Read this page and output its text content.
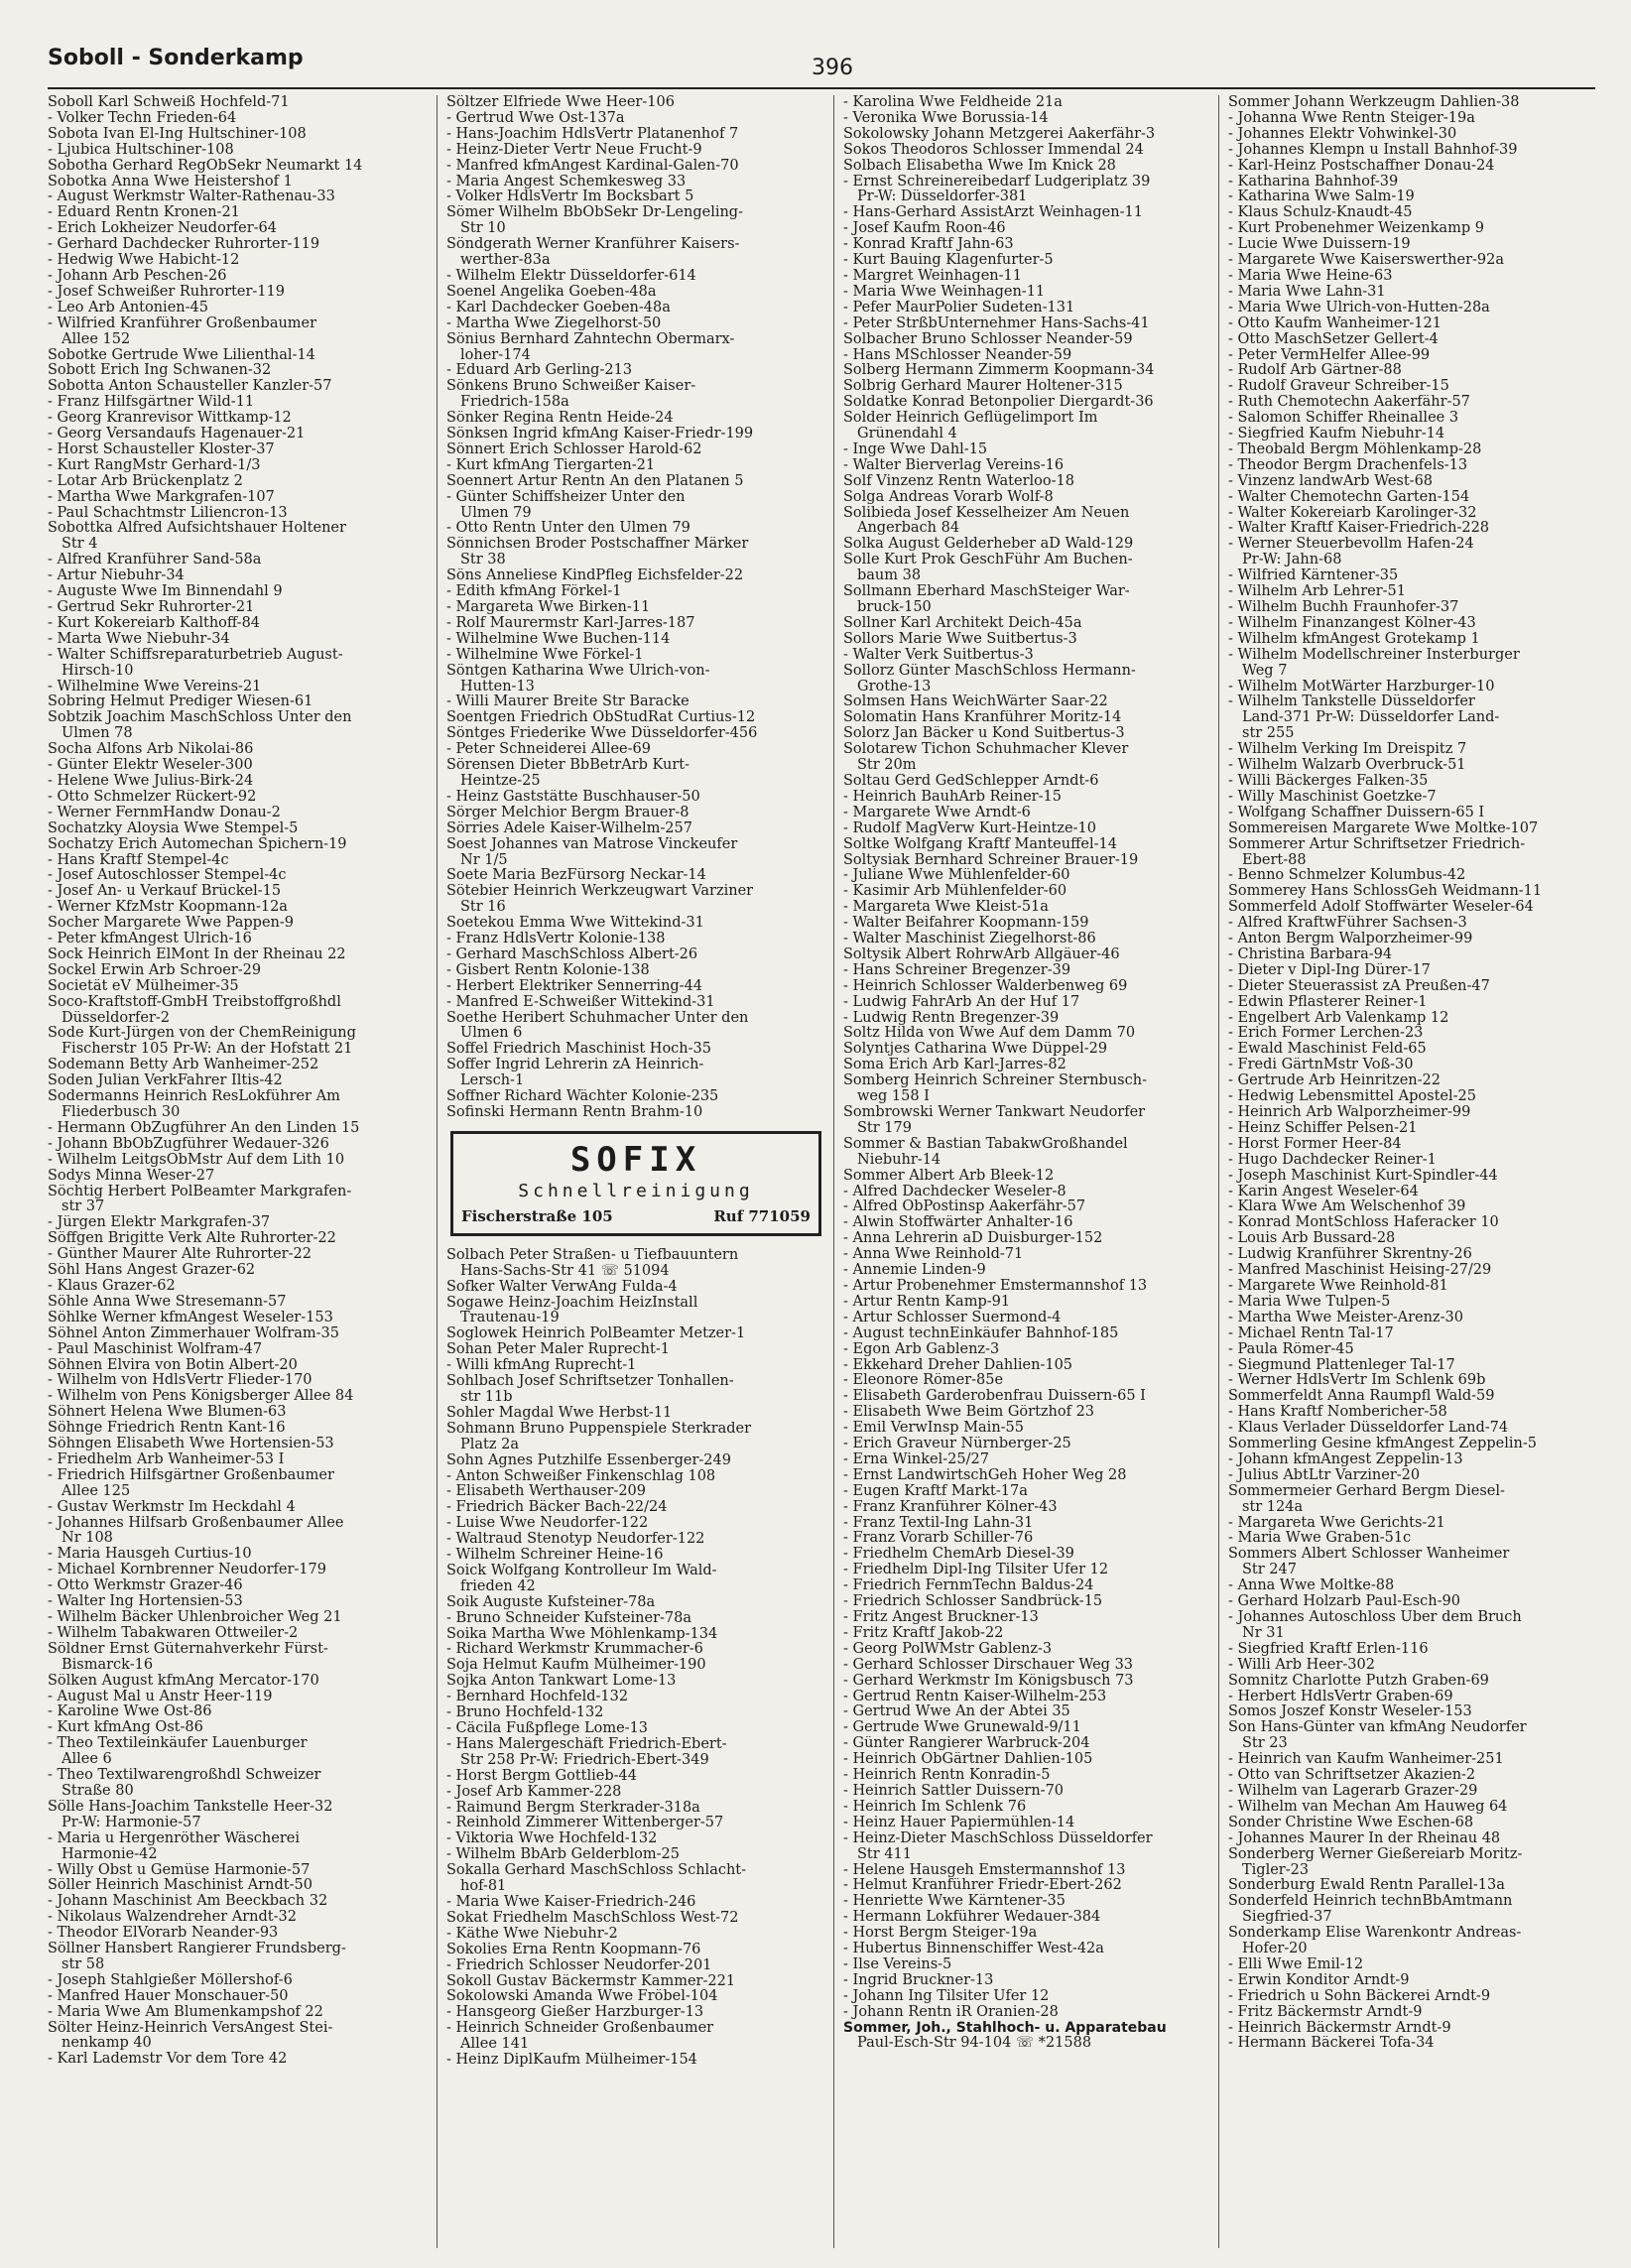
Soboll - Sonderkamp	396
Soboll Karl Schweiß Hochfeld-71
- Volker Techn Frieden-64
Sobota Ivan El-Ing Hultschiner-108
- Ljubica Hultschiner-108
Sobotha Gerhard RegObSekr Neumarkt 14
Sobotka Anna Wwe Heistershof 1
- August Werkmstr Walter-Rathenau-33
- Eduard Rentn Kronen-21
- Erich Lokheizer Neudorfer-64
- Gerhard Dachdecker Ruhrorter-119
- Hedwig Wwe Habicht-12
- Johann Arb Peschen-26
- Josef Schweißer Ruhrorter-119
- Leo Arb Antonien-45
- Wilfried Kranführer Großenbaumer
Allee 152
Sobotke Gertrude Wwe Lilienthal-14
Sobott Erich Ing Schwanen-32
Sobotta Anton Schausteller Kanzler-57
- Franz Hilfsgärtner Wild-11
- Georg Kranrevisor Wittkamp-12
- Georg Versandaufs Hagenauer-21
- Horst Schausteller Kloster-37
- Kurt RangMstr Gerhard-1/3
- Lotar Arb Brückenplatz 2
- Martha Wwe Markgrafen-107
- Paul Schachtmstr Liliencron-13
Sobottka Alfred Aufsichtshauer Holtener
Str 4
- Alfred Kranführer Sand-58a
- Artur Niebuhr-34
- Auguste Wwe Im Binnendahl 9
- Gertrud Sekr Ruhrorter-21
- Kurt Kokereiarb Kalthoff-84
- Marta Wwe Niebuhr-34
- Walter Schiffsreparaturbetrieb August-
Hirsch-10
- Wilhelmine Wwe Vereins-21
Sobring Helmut Prediger Wiesen-61
Sobtzik Joachim MaschSchloss Unter den
Ulmen 78
Socha Alfons Arb Nikolai-86
- Günter Elektr Weseler-300
- Helene Wwe Julius-Birk-24
- Otto Schmelzer Rückert-92
- Werner FernmHandw Donau-2
Sochatzky Aloysia Wwe Stempel-5
Sochatzy Erich Automechan Spichern-19
- Hans Kraftf Stempel-4c
- Josef Autoschlosser Stempel-4c
- Josef An- u Verkauf Brückel-15
- Werner KfzMstr Koopmann-12a
Socher Margarete Wwe Pappen-9
- Peter kfmAngest Ulrich-16
Sock Heinrich ElMont In der Rheinau 22
Sockel Erwin Arb Schroer-29
Societät eV Mülheimer-35
Soco-Kraftstoff-GmbH Treibstoffgroßhdl
Düsseldorfer-2
Sode Kurt-Jürgen von der ChemReinigung
Fischerstr 105 Pr-W: An der Hofstatt 21
Sodemann Betty Arb Wanheimer-252
Soden Julian VerkFahrer Iltis-42
Sodermanns Heinrich ResLokführer Am
Fliederbusch 30
- Hermann ObZugführer An den Linden 15
- Johann BbObZugführer Wedauer-326
- Wilhelm LeitgsObMstr Auf dem Lith 10
Sodys Minna Weser-27
Söchtig Herbert PolBeamter Markgrafen-
str 37
- Jürgen Elektr Markgrafen-37
Söffgen Brigitte Verk Alte Ruhrorter-22
- Günther Maurer Alte Ruhrorter-22
Söhl Hans Angest Grazer-62
- Klaus Grazer-62
Söhle Anna Wwe Stresemann-57
Söhlke Werner kfmAngest Weseler-153
Söhnel Anton Zimmerhauer Wolfram-35
- Paul Maschinist Wolfram-47
Söhnen Elvira von Botin Albert-20
- Wilhelm von HdlsVertr Flieder-170
- Wilhelm von Pens Königsberger Allee 84
Söhnert Helena Wwe Blumen-63
Söhnge Friedrich Rentn Kant-16
Söhngen Elisabeth Wwe Hortensien-53
- Friedhelm Arb Wanheimer-53 I
- Friedrich Hilfsgärtner Großenbaumer
Allee 125
- Gustav Werkmstr Im Heckdahl 4
- Johannes Hilfsarb Großenbaumer Allee
Nr 108
- Maria Hausgeh Curtius-10
- Michael Kornbrenner Neudorfer-179
- Otto Werkmstr Grazer-46
- Walter Ing Hortensien-53
- Wilhelm Bäcker Uhlenbroicher Weg 21
- Wilhelm Tabakwaren Ottweiler-2
Söldner Ernst Güternahverkehr Fürst-
Bismarck-16
Sölken August kfmAng Mercator-170
- August Mal u Anstr Heer-119
- Karoline Wwe Ost-86
- Kurt kfmAng Ost-86
- Theo Textileinkäufer Lauenburger
Allee 6
- Theo Textilwarengroßhdl Schweizer
Straße 80
Sölle Hans-Joachim Tankstelle Heer-32
Pr-W: Harmonie-57
- Maria u Hergenröther Wäscherei
Harmonie-42
- Willy Obst u Gemüse Harmonie-57
Söller Heinrich Maschinist Arndt-50
- Johann Maschinist Am Beeckbach 32
- Nikolaus Walzendreher Arndt-32
- Theodor ElVorarb Neander-93
Söllner Hansbert Rangierer Frundsberg-
str 58
- Joseph Stahlgießer Möllershof-6
- Manfred Hauer Monschauer-50
- Maria Wwe Am Blumenkampshof 22
Sölter Heinz-Heinrich VersAngest Stei-
nenkamp 40
- Karl Lademstr Vor dem Tore 42
Söltzer Elfriede Wwe Heer-106
- Gertrud Wwe Ost-137a
- Hans-Joachim HdlsVertr Platanenhof 7
- Heinz-Dieter Vertr Neue Frucht-9
- Manfred kfmAngest Kardinal-Galen-70
- Maria Angest Schemkesweg 33
- Volker HdlsVertr Im Bocksbart 5
Sömer Wilhelm BbObSekr Dr-Lengeling-
Str 10
Söndgerath Werner Kranführer Kaisers-
werther-83a
- Wilhelm Elektr Düsseldorfer-614
Soenel Angelika Goeben-48a
- Karl Dachdecker Goeben-48a
- Martha Wwe Ziegelhorst-50
Sönius Bernhard Zahntechn Obermarx-
loher-174
- Eduard Arb Gerling-213
Sönkens Bruno Schweißer Kaiser-
Friedrich-158a
Sönker Regina Rentn Heide-24
Sönksen Ingrid kfmAng Kaiser-Friedr-199
Sönnert Erich Schlosser Harold-62
- Kurt kfmAng Tiergarten-21
Soennert Artur Rentn An den Platanen 5
- Günter Schiffsheizer Unter den
Ulmen 79
- Otto Rentn Unter den Ulmen 79
Sönnichsen Broder Postschaffner Märker
Str 38
Söns Anneliese KindPfleg Eichsfelder-22
- Edith kfmAng Förkel-1
- Margareta Wwe Birken-11
- Rolf Maurermstr Karl-Jarres-187
- Wilhelmine Wwe Buchen-114
- Wilhelmine Wwe Förkel-1
Söntgen Katharina Wwe Ulrich-von-
Hutten-13
- Willi Maurer Breite Str Baracke
Soentgen Friedrich ObStudRat Curtius-12
Söntges Friederike Wwe Düsseldorfer-456
- Peter Schneiderei Allee-69
Sörensen Dieter BbBetrArb Kurt-
Heintze-25
- Heinz Gaststätte Buschhauser-50
Sörger Melchior Bergm Brauer-8
Sörries Adele Kaiser-Wilhelm-257
Soest Johannes van Matrose Vinckeufer
Nr 1/5
Soete Maria BezFürsorg Neckar-14
Sötebier Heinrich Werkzeugwart Varziner
Str 16
Soetekou Emma Wwe Wittekind-31
- Franz HdlsVertr Kolonie-138
- Gerhard MaschSchloss Albert-26
- Gisbert Rentn Kolonie-138
- Herbert Elektriker Sennerring-44
- Manfred E-Schweißer Wittekind-31
Soethe Heribert Schuhmacher Unter den
Ulmen 6
Soffel Friedrich Maschinist Hoch-35
Soffer Ingrid Lehrerin zA Heinrich-
Lersch-1
Soffner Richard Wächter Kolonie-235
Sofinski Hermann Rentn Brahm-10
SOFIX
Schnellreinigung
Fischerstraße 105	Ruf 771059
Solbach Peter Straßen- u Tiefbauuntern
Hans-Sachs-Str 41 ☏ 51094
Sofker Walter VerwAng Fulda-4
Sogawe Heinz-Joachim HeizInstall
Trautenau-19
Soglowek Heinrich PolBeamter Metzer-1
Sohan Peter Maler Ruprecht-1
- Willi kfmAng Ruprecht-1
Sohlbach Josef Schriftsetzer Tonhallen-
str 11b
Sohler Magdal Wwe Herbst-11
Sohmann Bruno Puppenspiele Sterkrader
Platz 2a
Sohn Agnes Putzhilfe Essenberger-249
- Anton Schweißer Finkenschlag 108
- Elisabeth Werthauser-209
- Friedrich Bäcker Bach-22/24
- Luise Wwe Neudorfer-122
- Waltraud Stenotyp Neudorfer-122
- Wilhelm Schreiner Heine-16
Soick Wolfgang Kontrolleur Im Wald-
frieden 42
Soik Auguste Kufsteiner-78a
- Bruno Schneider Kufsteiner-78a
Soika Martha Wwe Möhlenkamp-134
- Richard Werkmstr Krummacher-6
Soja Helmut Kaufm Mülheimer-190
Sojka Anton Tankwart Lome-13
- Bernhard Hochfeld-132
- Bruno Hochfeld-132
- Cäcila Fußpflege Lome-13
- Hans Malergeschäft Friedrich-Ebert-
Str 258 Pr-W: Friedrich-Ebert-349
- Horst Bergm Gottlieb-44
- Josef Arb Kammer-228
- Raimund Bergm Sterkrader-318a
- Reinhold Zimmerer Wittenberger-57
- Viktoria Wwe Hochfeld-132
- Wilhelm BbArb Gelderblom-25
Sokalla Gerhard MaschSchloss Schlacht-
hof-81
- Maria Wwe Kaiser-Friedrich-246
Sokat Friedhelm MaschSchloss West-72
- Käthe Wwe Niebuhr-2
Sokolies Erna Rentn Koopmann-76
- Friedrich Schlosser Neudorfer-201
Sokoll Gustav Bäckermstr Kammer-221
Sokolowski Amanda Wwe Fröbel-104
- Hansgeorg Gießer Harzburger-13
- Heinrich Schneider Großenbaumer
Allee 141
- Heinz DiplKaufm Mülheimer-154
- Karolina Wwe Feldheide 21a
- Veronika Wwe Borussia-14
Sokolowsky Johann Metzgerei Aakerfähr-3
Sokos Theodoros Schlosser Immendal 24
Solbach Elisabetha Wwe Im Knick 28
- Ernst Schreinereibedarf Ludgeriplatz 39
Pr-W: Düsseldorfer-381
- Hans-Gerhard AssistArzt Weinhagen-11
- Josef Kaufm Roon-46
- Konrad Kraftf Jahn-63
- Kurt Bauing Klagenfurter-5
- Margret Weinhagen-11
- Maria Wwe Weinhagen-11
- Pefer MaurPolier Sudeten-131
- Peter StrßbUnternehmer Hans-Sachs-41
Solbacher Bruno Schlosser Neander-59
- Hans MSchlosser Neander-59
Solberg Hermann Zimmerm Koopmann-34
Solbrig Gerhard Maurer Holtener-315
Soldatke Konrad Betonpolier Diergardt-36
Solder Heinrich Geflügelimport Im
Grünendahl 4
- Inge Wwe Dahl-15
- Walter Bierverlag Vereins-16
Solf Vinzenz Rentn Waterloo-18
Solga Andreas Vorarb Wolf-8
Solibieda Josef Kesselheizer Am Neuen
Angerbach 84
Solka August Gelderheber aD Wald-129
Solle Kurt Prok GeschFühr Am Buchen-
baum 38
Sollmann Eberhard MaschSteiger War-
bruck-150
Sollner Karl Architekt Deich-45a
Sollors Marie Wwe Suitbertus-3
- Walter Verk Suitbertus-3
Sollorz Günter MaschSchloss Hermann-
Grothe-13
Solmsen Hans WeichWärter Saar-22
Solomatin Hans Kranführer Moritz-14
Solorz Jan Bäcker u Kond Suitbertus-3
Solotarew Tichon Schuhmacher Klever
Str 20m
Soltau Gerd GedSchlepper Arndt-6
- Heinrich BauhArb Reiner-15
- Margarete Wwe Arndt-6
- Rudolf MagVerw Kurt-Heintze-10
Soltke Wolfgang Kraftf Manteuffel-14
Soltysiak Bernhard Schreiner Brauer-19
- Juliane Wwe Mühlenfelder-60
- Kasimir Arb Mühlenfelder-60
- Margareta Wwe Kleist-51a
- Walter Beifahrer Koopmann-159
- Walter Maschinist Ziegelhorst-86
Soltysik Albert RohrwArb Allgäuer-46
- Hans Schreiner Bregenzer-39
- Heinrich Schlosser Walderbenweg 69
- Ludwig FahrArb An der Huf 17
- Ludwig Rentn Bregenzer-39
Soltz Hilda von Wwe Auf dem Damm 70
Solyntjes Catharina Wwe Düppel-29
Soma Erich Arb Karl-Jarres-82
Somberg Heinrich Schreiner Sternbusch-
weg 158 I
Sombrowski Werner Tankwart Neudorfer
Str 179
Sommer & Bastian TabakwGroßhandel
Niebuhr-14
Sommer Albert Arb Bleek-12
- Alfred Dachdecker Weseler-8
- Alfred ObPostinsp Aakerfähr-57
- Alwin Stoffwärter Anhalter-16
- Anna Lehrerin aD Duisburger-152
- Anna Wwe Reinhold-71
- Annemie Linden-9
- Artur Probenehmer Emstermannshof 13
- Artur Rentn Kamp-91
- Artur Schlosser Suermond-4
- August technEinkäufer Bahnhof-185
- Egon Arb Gablenz-3
- Ekkehard Dreher Dahlien-105
- Eleonore Römer-85e
- Elisabeth Garderobenfrau Duissern-65 I
- Elisabeth Wwe Beim Görtzhof 23
- Emil VerwInsp Main-55
- Erich Graveur Nürnberger-25
- Erna Winkel-25/27
- Ernst LandwirtschGeh Hoher Weg 28
- Eugen Kraftf Markt-17a
- Franz Kranführer Kölner-43
- Franz Textil-Ing Lahn-31
- Franz Vorarb Schiller-76
- Friedhelm ChemArb Diesel-39
- Friedhelm Dipl-Ing Tilsiter Ufer 12
- Friedrich FernmTechn Baldus-24
- Friedrich Schlosser Sandbrück-15
- Fritz Angest Bruckner-13
- Fritz Kraftf Jakob-22
- Georg PolWMstr Gablenz-3
- Gerhard Schlosser Dirschauer Weg 33
- Gerhard Werkmstr Im Königsbusch 73
- Gertrud Rentn Kaiser-Wilhelm-253
- Gertrud Wwe An der Abtei 35
- Gertrude Wwe Grunewald-9/11
- Günter Rangierer Warbruck-204
- Heinrich ObGärtner Dahlien-105
- Heinrich Rentn Konradin-5
- Heinrich Sattler Duissern-70
- Heinrich Im Schlenk 76
- Heinz Hauer Papiermühlen-14
- Heinz-Dieter MaschSchloss Düsseldorfer
Str 411
- Helene Hausgeh Emstermannshof 13
- Helmut Kranführer Friedr-Ebert-262
- Henriette Wwe Kärntener-35
- Hermann Lokführer Wedauer-384
- Horst Bergm Steiger-19a
- Hubertus Binnenschiffer West-42a
- Ilse Vereins-5
- Ingrid Bruckner-13
- Johann Ing Tilsiter Ufer 12
- Johann Rentn iR Oranien-28
Sommer, Joh., Stahlhoch- u. Apparatebau
Paul-Esch-Str 94-104 ☏ *21588
Sommer Johann Werkzeugm Dahlien-38
- Johanna Wwe Rentn Steiger-19a
- Johannes Elektr Vohwinkel-30
- Johannes Klempn u Install Bahnhof-39
- Karl-Heinz Postschaffner Donau-24
- Katharina Bahnhof-39
- Katharina Wwe Salm-19
- Klaus Schulz-Knaudt-45
- Kurt Probenehmer Weizenkamp 9
- Lucie Wwe Duissern-19
- Margarete Wwe Kaiserswerther-92a
- Maria Wwe Heine-63
- Maria Wwe Lahn-31
- Maria Wwe Ulrich-von-Hutten-28a
- Otto Kaufm Wanheimer-121
- Otto MaschSetzer Gellert-4
- Peter VermHelfer Allee-99
- Rudolf Arb Gärtner-88
- Rudolf Graveur Schreiber-15
- Ruth Chemotechn Aakerfähr-57
- Salomon Schiffer Rheinallee 3
- Siegfried Kaufm Niebuhr-14
- Theobald Bergm Möhlenkamp-28
- Theodor Bergm Drachenfels-13
- Vinzenz landwArb West-68
- Walter Chemotechn Garten-154
- Walter Kokereiarb Karolinger-32
- Walter Kraftf Kaiser-Friedrich-228
- Werner Steuerbevollm Hafen-24
Pr-W: Jahn-68
- Wilfried Kärntener-35
- Wilhelm Arb Lehrer-51
- Wilhelm Buchh Fraunhofer-37
- Wilhelm Finanzangest Kölner-43
- Wilhelm kfmAngest Grotekamp 1
- Wilhelm Modellschreiner Insterburger
Weg 7
- Wilhelm MotWärter Harzburger-10
- Wilhelm Tankstelle Düsseldorfer
Land-371 Pr-W: Düsseldorfer Land-
str 255
- Wilhelm Verking Im Dreispitz 7
- Wilhelm Walzarb Overbruck-51
- Willi Bäckerges Falken-35
- Willy Maschinist Goetzke-7
- Wolfgang Schaffner Duissern-65 I
Sommereisen Margarete Wwe Moltke-107
Sommerer Artur Schriftsetzer Friedrich-
Ebert-88
- Benno Schmelzer Kolumbus-42
Sommerey Hans SchlossGeh Weidmann-11
Sommerfeld Adolf Stoffwärter Weseler-64
- Alfred KraftwFührer Sachsen-3
- Anton Bergm Walporzheimer-99
- Christina Barbara-94
- Dieter v Dipl-Ing Dürer-17
- Dieter Steuerassist zA Preußen-47
- Edwin Pflasterer Reiner-1
- Engelbert Arb Valenkamp 12
- Erich Former Lerchen-23
- Ewald Maschinist Feld-65
- Fredi GärtnMstr Voß-30
- Gertrude Arb Heinritzen-22
- Hedwig Lebensmittel Apostel-25
- Heinrich Arb Walporzheimer-99
- Heinz Schiffer Pelsen-21
- Horst Former Heer-84
- Hugo Dachdecker Reiner-1
- Joseph Maschinist Kurt-Spindler-44
- Karin Angest Weseler-64
- Klara Wwe Am Welschenhof 39
- Konrad MontSchloss Haferacker 10
- Louis Arb Bussard-28
- Ludwig Kranführer Skrentny-26
- Manfred Maschinist Heising-27/29
- Margarete Wwe Reinhold-81
- Maria Wwe Tulpen-5
- Martha Wwe Meister-Arenz-30
- Michael Rentn Tal-17
- Paula Römer-45
- Siegmund Plattenleger Tal-17
- Werner HdlsVertr Im Schlenk 69b
Sommerfeldt Anna Raumpfl Wald-59
- Hans Kraftf Nombericher-58
- Klaus Verlader Düsseldorfer Land-74
Sommerling Gesine kfmAngest Zeppelin-5
- Johann kfmAngest Zeppelin-13
- Julius AbtLtr Varziner-20
Sommermeier Gerhard Bergm Diesel-
str 124a
- Margareta Wwe Gerichts-21
- Maria Wwe Graben-51c
Sommers Albert Schlosser Wanheimer
Str 247
- Anna Wwe Moltke-88
- Gerhard Holzarb Paul-Esch-90
- Johannes Autoschloss Über dem Bruch
Nr 31
- Siegfried Kraftf Erlen-116
- Willi Arb Heer-302
Somnitz Charlotte Putzh Graben-69
- Herbert HdlsVertr Graben-69
Somos Joszef Konstr Weseler-153
Son Hans-Günter van kfmAng Neudorfer
Str 23
- Heinrich van Kaufm Wanheimer-251
- Otto van Schriftsetzer Akazien-2
- Wilhelm van Lagerarb Grazer-29
- Wilhelm van Mechan Am Hauweg 64
Sonder Christine Wwe Eschen-68
- Johannes Maurer In der Rheinau 48
Sonderberg Werner Gießereiarb Moritz-
Tigler-23
Sonderburg Ewald Rentn Parallel-13a
Sonderfeld Heinrich technBbAmtmann
Siegfried-37
Sonderkamp Elise Warenkontr Andreas-
Hofer-20
- Elli Wwe Emil-12
- Erwin Konditor Arndt-9
- Friedrich u Sohn Bäckerei Arndt-9
- Fritz Bäckermstr Arndt-9
- Heinrich Bäckermstr Arndt-9
- Hermann Bäckerei Tofa-34
